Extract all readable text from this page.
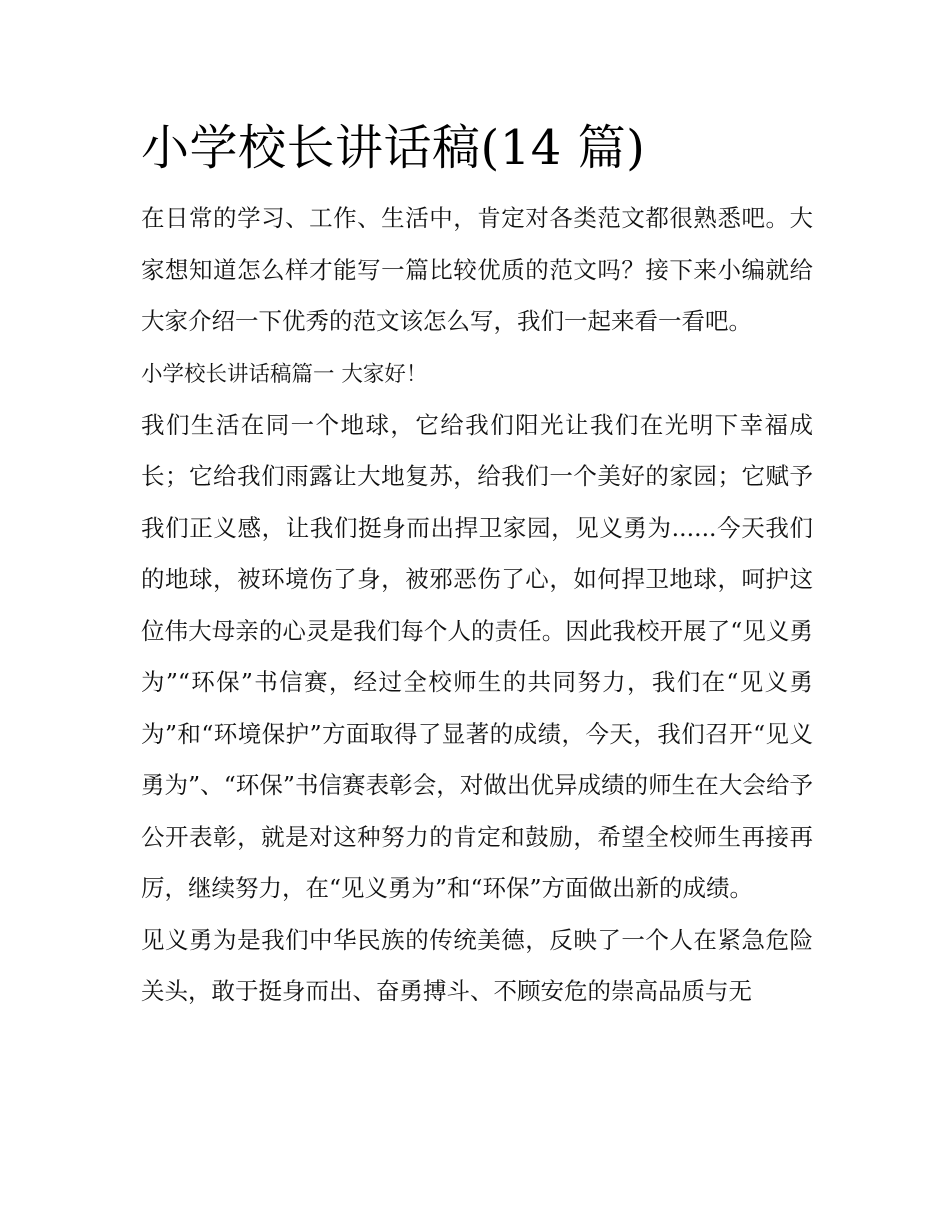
小学校长讲话稿(14 篇)

在日常的学习、工作、生活中，肯定对各类范文都很熟悉吧。大家想知道怎么样才能写一篇比较优质的范文吗？接下来小编就给大家介绍一下优秀的范文该怎么写，我们一起来看一看吧。

小学校长讲话稿篇一 大家好！

我们生活在同一个地球，它给我们阳光让我们在光明下幸福成长；它给我们雨露让大地复苏，给我们一个美好的家园；它赋予我们正义感，让我们挺身而出捍卫家园，见义勇为......今天我们的地球，被环境伤了身，被邪恶伤了心，如何捍卫地球，呵护这位伟大母亲的心灵是我们每个人的责任。因此我校开展了“见义勇为”“环保”书信赛，经过全校师生的共同努力，我们在“见义勇为”和“环境保护”方面取得了显著的成绩，今天，我们召开“见义勇为”、“环保”书信赛表彰会，对做出优异成绩的师生在大会给予公开表彰，就是对这种努力的肯定和鼓励，希望全校师生再接再厉，继续努力，在“见义勇为”和“环保”方面做出新的成绩。

见义勇为是我们中华民族的传统美德，反映了一个人在紧急危险关头，敢于挺身而出、奋勇搏斗、不顾安危的崇高品质与无
